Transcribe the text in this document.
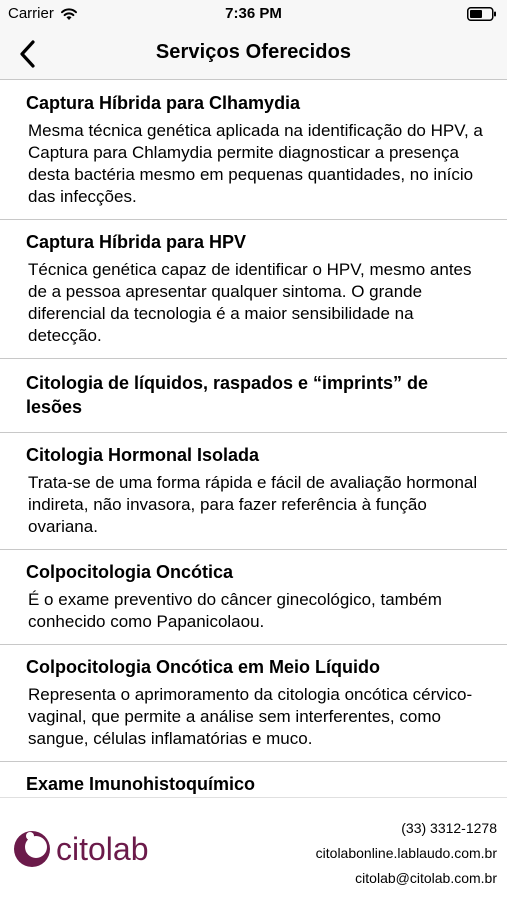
Carrier	7:36 PM
Serviços Oferecidos
Captura Híbrida para Clhamydia
Mesma técnica genética aplicada na identificação do HPV, a Captura para Chlamydia permite diagnosticar a presença desta bactéria mesmo em pequenas quantidades, no início das infecções.
Captura Híbrida para HPV
Técnica genética capaz de identificar o HPV, mesmo antes de a pessoa apresentar qualquer sintoma. O grande diferencial da tecnologia é a maior sensibilidade na detecção.
Citologia de líquidos, raspados e “imprints” de lesões
Citologia Hormonal Isolada
Trata-se de uma forma rápida e fácil de avaliação hormonal indireta, não invasora, para fazer referência à função ovariana.
Colpocitologia Oncótica
É o exame preventivo do câncer ginecológico, também conhecido como Papanicolaou.
Colpocitologia Oncótica em Meio Líquido
Representa o aprimoramento da citologia oncótica cérvico-vaginal, que permite a análise sem interferentes, como sangue, células inflamatórias e muco.
Exame Imunohistoquímico
citolab
(33) 3312-1278
citolabonline.lablaudo.com.br
citolab@citolab.com.br
